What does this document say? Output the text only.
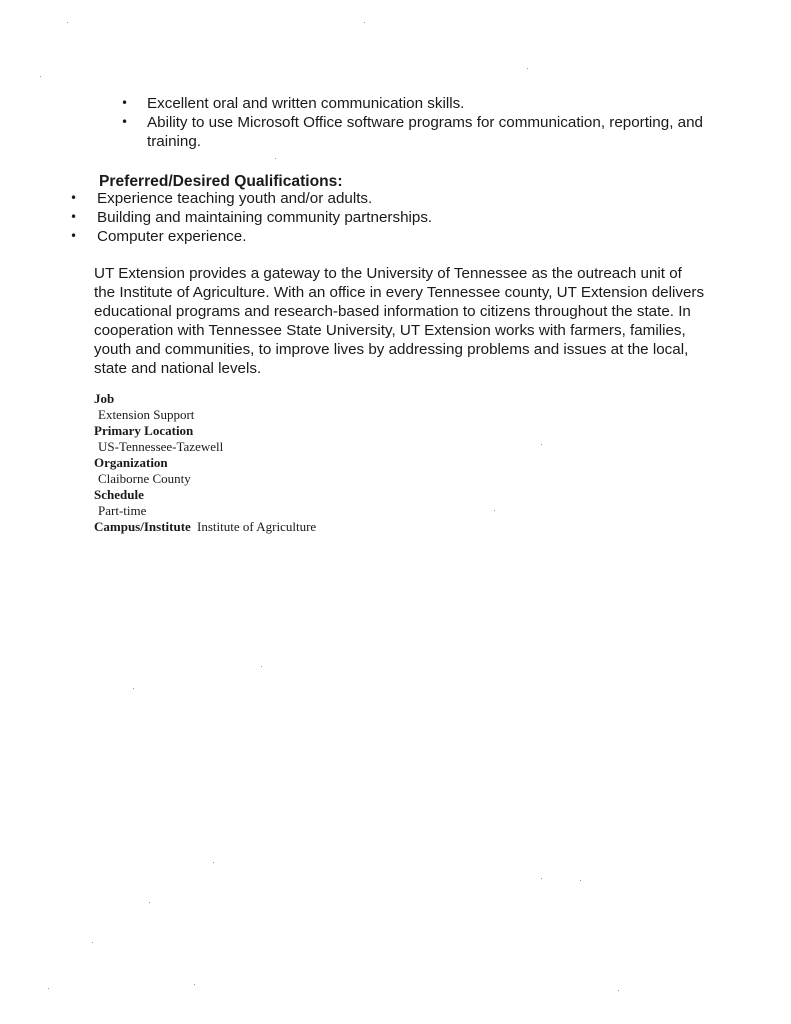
• Excellent oral and written communication skills.
• Ability to use Microsoft Office software programs for communication, reporting, and training.
Preferred/Desired Qualifications:
• Experience teaching youth and/or adults.
• Building and maintaining community partnerships.
• Computer experience.

UT Extension provides a gateway to the University of Tennessee as the outreach unit of the Institute of Agriculture. With an office in every Tennessee county, UT Extension delivers educational programs and research-based information to citizens throughout the state. In cooperation with Tennessee State University, UT Extension works with farmers, families, youth and communities, to improve lives by addressing problems and issues at the local, state and national levels.

Job
Extension Support
Primary Location
US-Tennessee-Tazewell
Organization
Claiborne County
Schedule
Part-time
Campus/Institute Institute of Agriculture
